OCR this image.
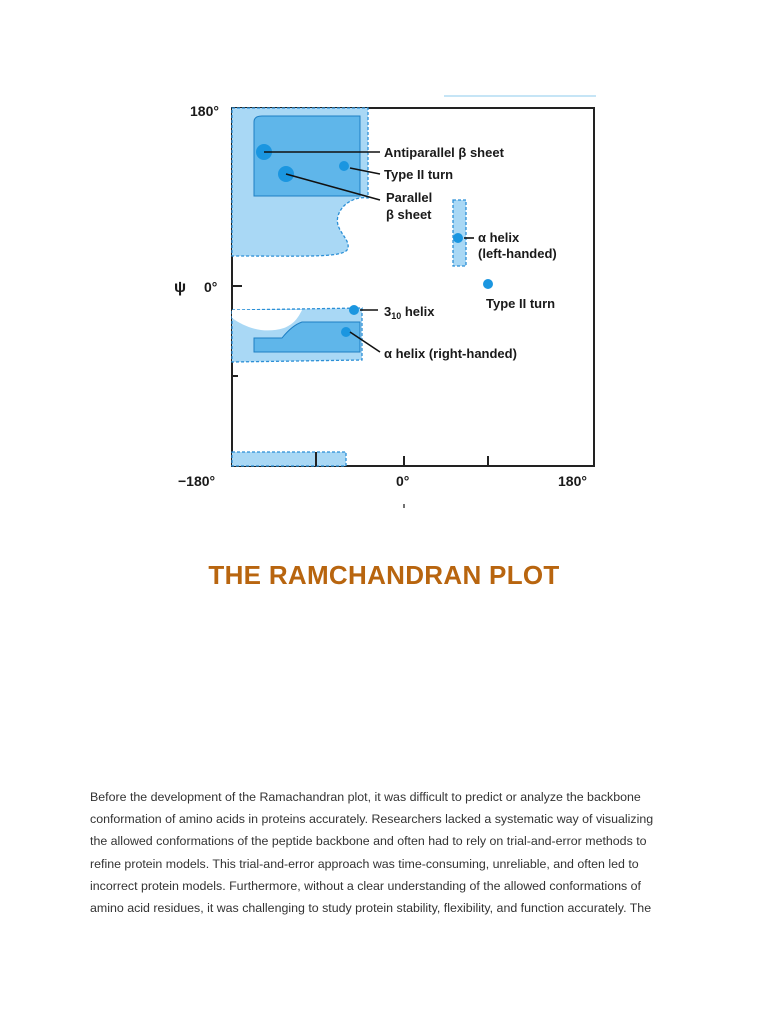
180°
0°
ψ
−180°	0°	180°
Antiparallel β sheet
Type II turn
Parallel
β sheet
α helix
(left-handed)
Type II turn
$3_{10}$ helix
α helix (right-handed)
THE RAMCHANDRAN PLOT
Before the development of the Ramachandran plot, it was difficult to predict or analyze the backbone
conformation of amino acids in proteins accurately. Researchers lacked a systematic way of visualizing
the allowed conformations of the peptide backbone and often had to rely on trial-and-error methods to
refine protein models. This trial-and-error approach was time-consuming, unreliable, and often led to
incorrect protein models. Furthermore, without a clear understanding of the allowed conformations of
amino acid residues, it was challenging to study protein stability, flexibility, and function accurately. The
